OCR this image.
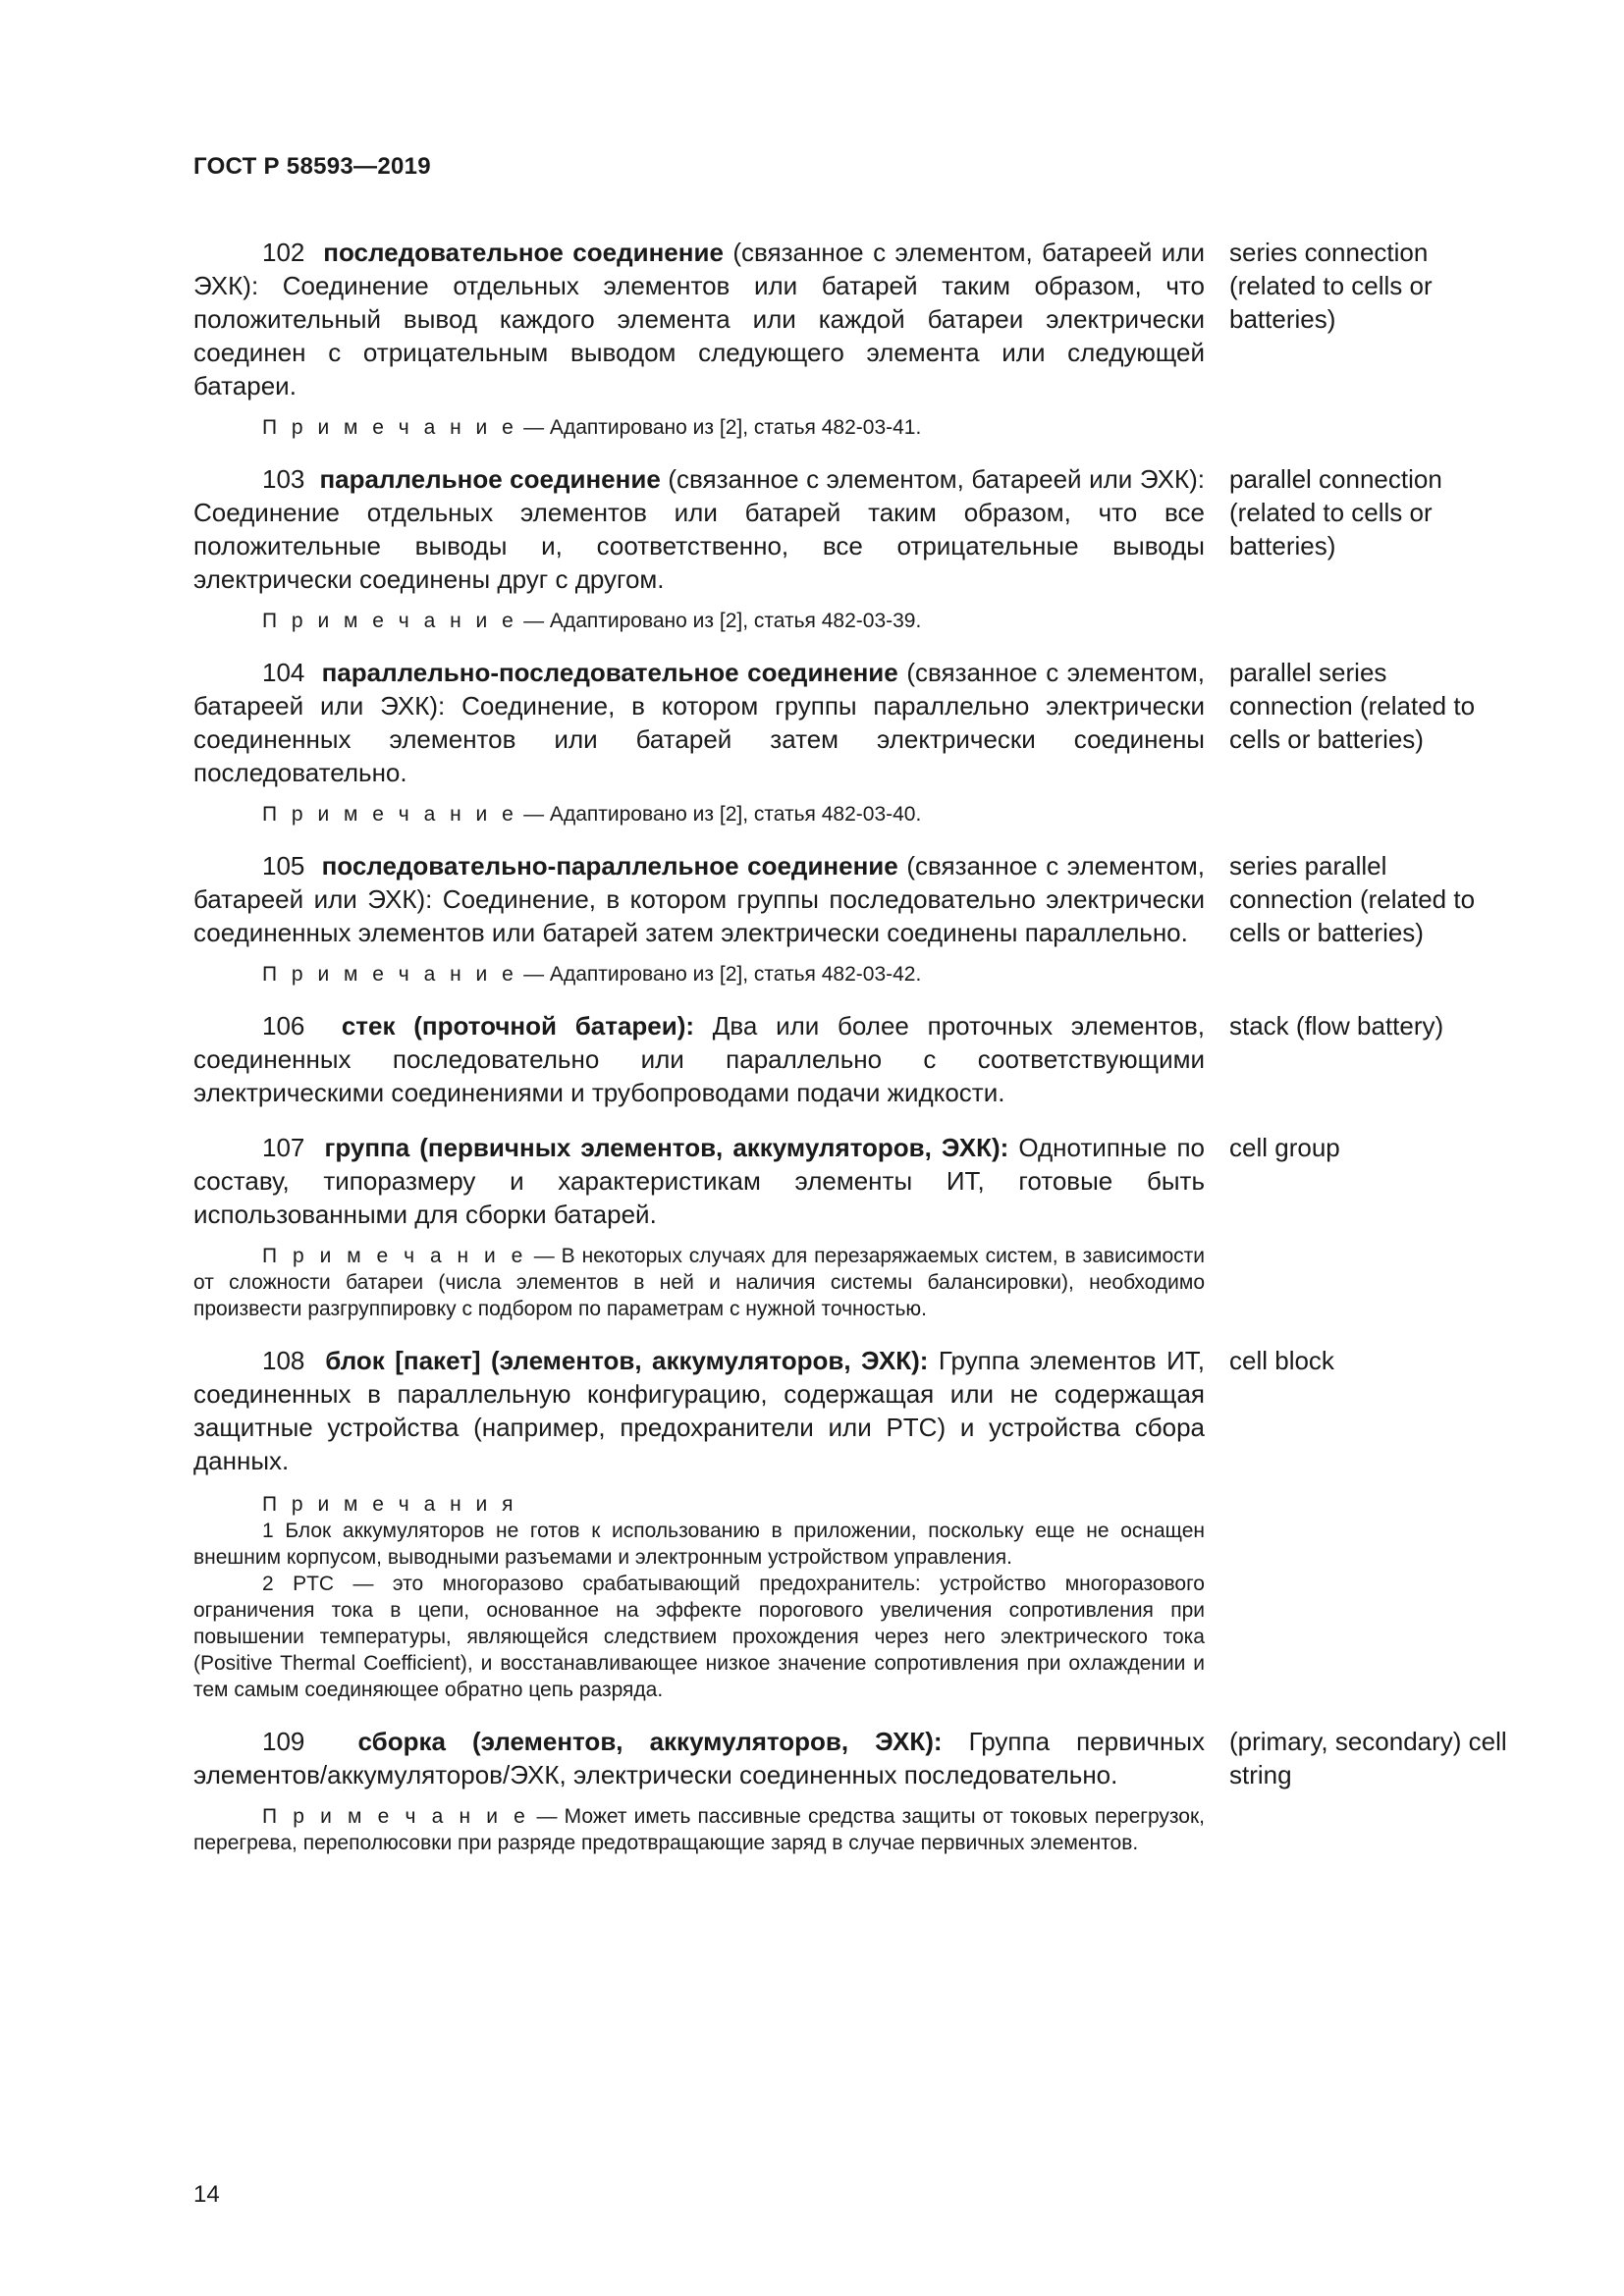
ГОСТ Р 58593—2019
102 последовательное соединение (связанное с элементом, батареей или ЭХК): Соединение отдельных элементов или батарей таким образом, что положительный вывод каждого элемента или каждой батареи электрически соединен с отрицательным выводом следующего элемента или следующей батареи.
series connection (related to cells or batteries)
П р и м е ч а н и е — Адаптировано из [2], статья 482-03-41.
103 параллельное соединение (связанное с элементом, батареей или ЭХК): Соединение отдельных элементов или батарей таким образом, что все положительные выводы и, соответственно, все отрицательные выводы электрически соединены друг с другом.
parallel connection (related to cells or batteries)
П р и м е ч а н и е — Адаптировано из [2], статья 482-03-39.
104 параллельно-последовательное соединение (связанное с элементом, батареей или ЭХК): Соединение, в котором группы параллельно электрически соединенных элементов или батарей затем электрически соединены последовательно.
parallel series connection (related to cells or batteries)
П р и м е ч а н и е — Адаптировано из [2], статья 482-03-40.
105 последовательно-параллельное соединение (связанное с элементом, батареей или ЭХК): Соединение, в котором группы последовательно электрически соединенных элементов или батарей затем электрически соединены параллельно.
series parallel connection (related to cells or batteries)
П р и м е ч а н и е — Адаптировано из [2], статья 482-03-42.
106 стек (проточной батареи): Два или более проточных элементов, соединенных последовательно или параллельно с соответствующими электрическими соединениями и трубопроводами подачи жидкости.
stack (flow battery)
107 группа (первичных элементов, аккумуляторов, ЭХК): Однотипные по составу, типоразмеру и характеристикам элементы ИТ, готовые быть использованными для сборки батарей.
cell group
П р и м е ч а н и е — В некоторых случаях для перезаряжаемых систем, в зависимости от сложности батареи (числа элементов в ней и наличия системы балансировки), необходимо произвести разгруппировку с подбором по параметрам с нужной точностью.
108 блок [пакет] (элементов, аккумуляторов, ЭХК): Группа элементов ИТ, соединенных в параллельную конфигурацию, содержащая или не содержащая защитные устройства (например, предохранители или PTC) и устройства сбора данных.
cell block
П р и м е ч а н и я
1 Блок аккумуляторов не готов к использованию в приложении, поскольку еще не оснащен внешним корпусом, выводными разъемами и электронным устройством управления.
2 PTC — это многоразово срабатывающий предохранитель: устройство многоразового ограничения тока в цепи, основанное на эффекте порогового увеличения сопротивления при повышении температуры, являющейся следствием прохождения через него электрического тока (Positive Thermal Coefficient), и восстанавливающее низкое значение сопротивления при охлаждении и тем самым соединяющее обратно цепь разряда.
109 сборка (элементов, аккумуляторов, ЭХК): Группа первичных элементов/аккумуляторов/ЭХК, электрически соединенных последовательно.
(primary, secondary) cell string
П р и м е ч а н и е — Может иметь пассивные средства защиты от токовых перегрузок, перегрева, переполюсовки при разряде предотвращающие заряд в случае первичных элементов.
14
